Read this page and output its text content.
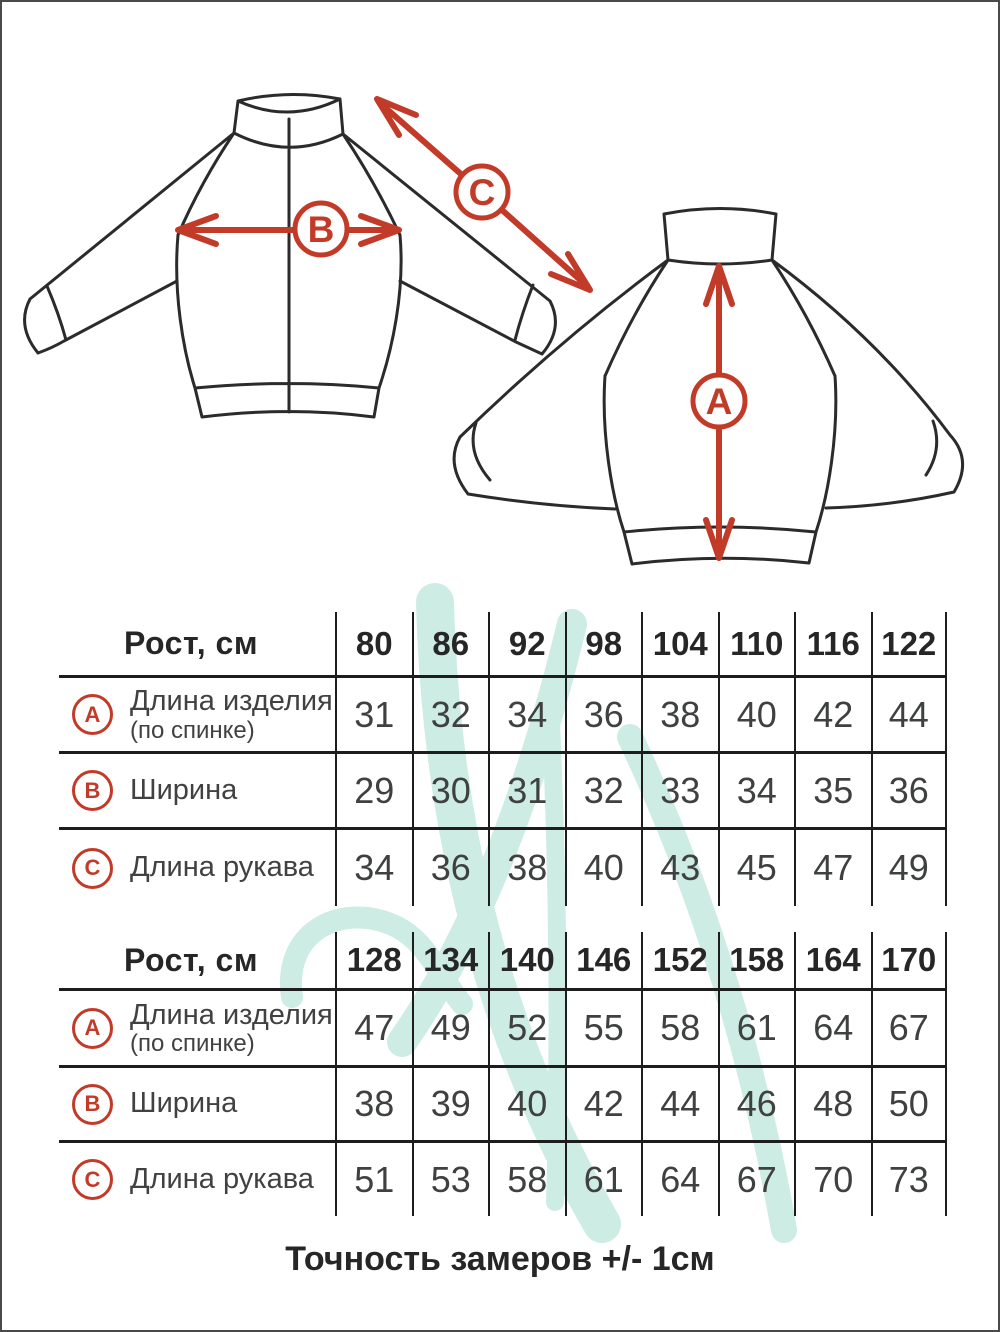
B
C
A
Рост, см	80	86	92	98 104 110 116 122
A	Длина изделия
(по спинке)	31	32	34	36	38	40	42 44
B	Ширина	29	30	31	32	33	34	35 36
C	Длина рукава	34	36	38	40	43	45	47 49
Рост, см	128 134 140 146 152 158 164 170
A	Длина изделия
(по спинке)	47	49	52	55	58	61	64 67
B	Ширина	38	39	40	42	44	46	48 50
C	Длина рукава	51	53	58	61	64	67	70 73
Точность замеров +/- 1см
